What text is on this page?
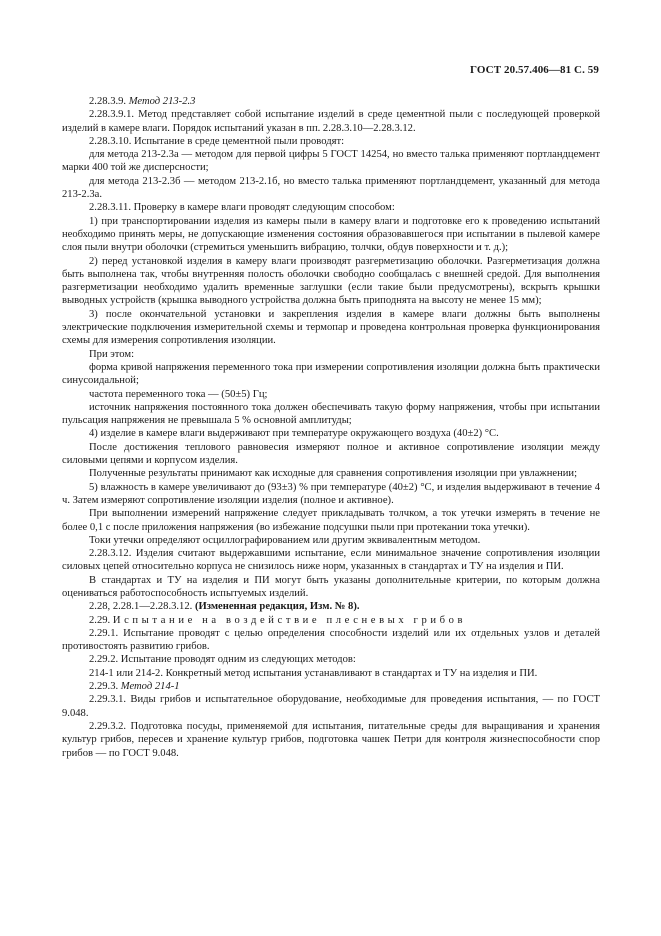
ГОСТ 20.57.406—81 С. 59

2.28.3.9. Метод 213-2.3

2.28.3.9.1. Метод представляет собой испытание изделий в среде цементной пыли с последующей проверкой изделий в камере влаги. Порядок испытаний указан в пп. 2.28.3.10—2.28.3.12.

2.28.3.10. Испытание в среде цементной пыли проводят:

для метода 213-2.3а — методом для первой цифры 5 ГОСТ 14254, но вместо талька применяют портландцемент марки 400 той же дисперсности;

для метода 213-2.3б — методом 213-2.1б, но вместо талька применяют портландцемент, указанный для метода 213-2.3а.

2.28.3.11. Проверку в камере влаги проводят следующим способом:

1) при транспортировании изделия из камеры пыли в камеру влаги и подготовке его к проведению испытаний необходимо принять меры, не допускающие изменения состояния образовавшегося при испытании в пылевой камере слоя пыли внутри оболочки (стремиться уменьшить вибрацию, толчки, обдув поверхности и т. д.);

2) перед установкой изделия в камеру влаги производят разгерметизацию оболочки. Разгерметизация должна быть выполнена так, чтобы внутренняя полость оболочки свободно сообщалась с внешней средой. Для выполнения разгерметизации необходимо удалить временные заглушки (если такие были предусмотрены), вскрыть крышки выводных устройств (крышка выводного устройства должна быть приподнята на высоту не менее 15 мм);

3) после окончательной установки и закрепления изделия в камере влаги должны быть выполнены электрические подключения измерительной схемы и термопар и проведена контрольная проверка функционирования схемы для измерения сопротивления изоляции.

При этом:

форма кривой напряжения переменного тока при измерении сопротивления изоляции должна быть практически синусоидальной;

частота переменного тока — (50±5) Гц;

источник напряжения постоянного тока должен обеспечивать такую форму напряжения, чтобы при испытании пульсация напряжения не превышала 5 % основной амплитуды;

4) изделие в камере влаги выдерживают при температуре окружающего воздуха (40±2) °С.

После достижения теплового равновесия измеряют полное и активное сопротивление изоляции между силовыми цепями и корпусом изделия.

Полученные результаты принимают как исходные для сравнения сопротивления изоляции при увлажнении;

5) влажность в камере увеличивают до (93±3) % при температуре (40±2) °С, и изделия выдерживают в течение 4 ч. Затем измеряют сопротивление изоляции изделия (полное и активное).

При выполнении измерений напряжение следует прикладывать толчком, а ток утечки измерять в течение не более 0,1 с после приложения напряжения (во избежание подсушки пыли при протекании тока утечки).

Токи утечки определяют осциллографированием или другим эквивалентным методом.

2.28.3.12. Изделия считают выдержавшими испытание, если минимальное значение сопротивления изоляции силовых цепей относительно корпуса не снизилось ниже норм, указанных в стандартах и ТУ на изделия и ПИ.

В стандартах и ТУ на изделия и ПИ могут быть указаны дополнительные критерии, по которым должна оцениваться работоспособность испытуемых изделий.

2.28, 2.28.1—2.28.3.12. (Измененная редакция, Изм. № 8).

2.29. Испытание на воздействие плесневых грибов

2.29.1. Испытание проводят с целью определения способности изделий или их отдельных узлов и деталей противостоять развитию грибов.

2.29.2. Испытание проводят одним из следующих методов:

214-1 или 214-2. Конкретный метод испытания устанавливают в стандартах и ТУ на изделия и ПИ.

2.29.3. Метод 214-1

2.29.3.1. Виды грибов и испытательное оборудование, необходимые для проведения испытания, — по ГОСТ 9.048.

2.29.3.2. Подготовка посуды, применяемой для испытания, питательные среды для выращивания и хранения культур грибов, пересев и хранение культур грибов, подготовка чашек Петри для контроля жизнеспособности спор грибов — по ГОСТ 9.048.
